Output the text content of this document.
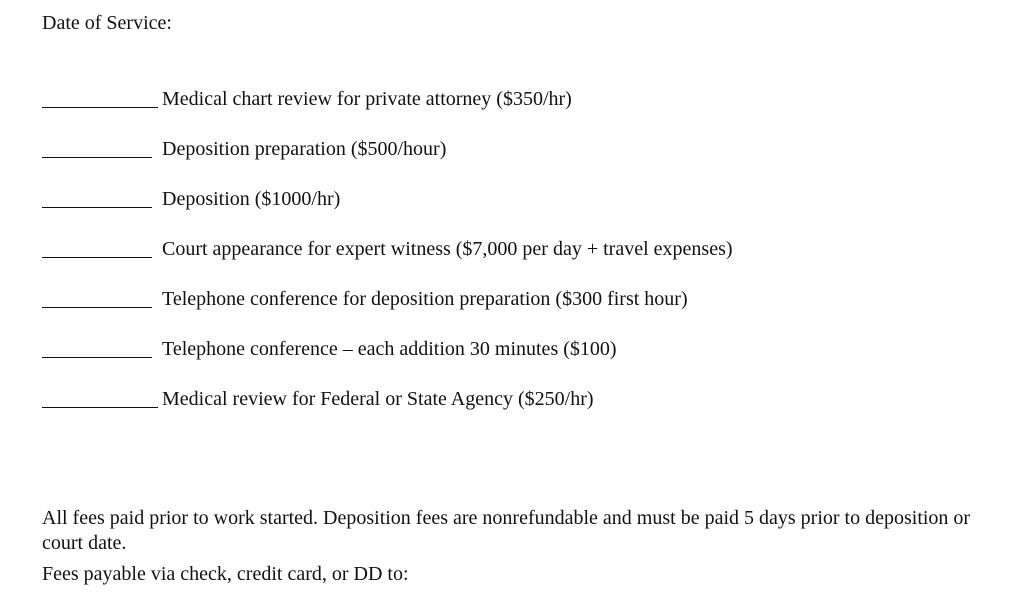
Date of Service:
Medical chart review for private attorney ($350/hr)
Deposition preparation ($500/hour)
Deposition ($1000/hr)
Court appearance for expert witness ($7,000 per day + travel expenses)
Telephone conference for deposition preparation ($300 first hour)
Telephone conference – each addition 30 minutes ($100)
Medical review for Federal or State Agency ($250/hr)

All fees paid prior to work started. Deposition fees are nonrefundable and must be paid 5 days prior to deposition or court date.

Fees payable via check, credit card, or DD to:
